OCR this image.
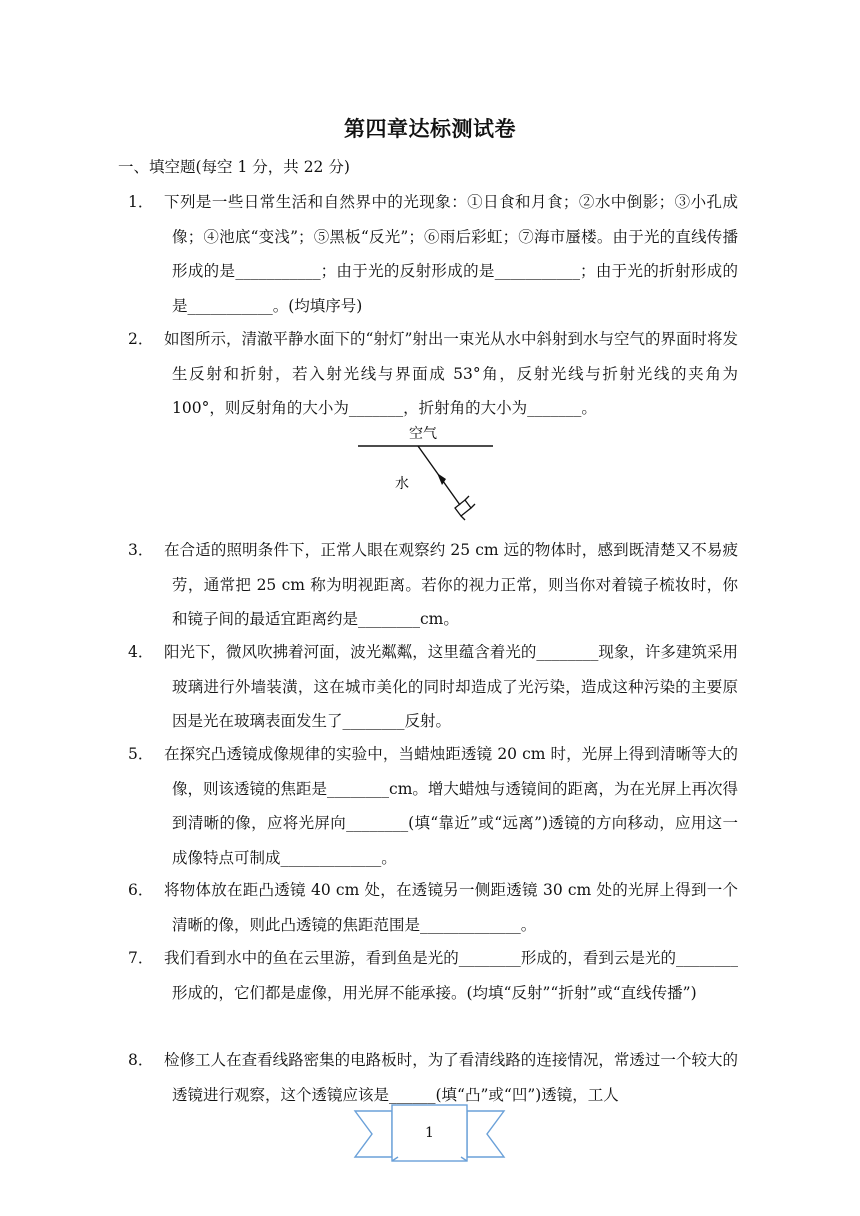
第四章达标测试卷
一、填空题(每空 1 分，共 22 分)
1． 下列是一些日常生活和自然界中的光现象：①日食和月食；②水中倒影；③小孔成像；④池底“变浅”；⑤黑板“反光”；⑥雨后彩虹；⑦海市蜃楼。由于光的直线传播形成的是___________；由于光的反射形成的是___________；由于光的折射形成的是___________。(均填序号)
2． 如图所示，清澈平静水面下的“射灯”射出一束光从水中斜射到水与空气的界面时将发生反射和折射，若入射光线与界面成 53°角，反射光线与折射光线的夹角为 100°，则反射角的大小为_______，折射角的大小为_______。
空气
水
3． 在合适的照明条件下，正常人眼在观察约 25 cm 远的物体时，感到既清楚又不易疲劳，通常把 25 cm 称为明视距离。若你的视力正常，则当你对着镜子梳妆时，你和镜子间的最适宜距离约是________cm。
4． 阳光下，微风吹拂着河面，波光粼粼，这里蕴含着光的________现象，许多建筑采用玻璃进行外墙装潢，这在城市美化的同时却造成了光污染，造成这种污染的主要原因是光在玻璃表面发生了________反射。
5． 在探究凸透镜成像规律的实验中，当蜡烛距透镜 20 cm 时，光屏上得到清晰等大的像，则该透镜的焦距是________cm。增大蜡烛与透镜间的距离，为在光屏上再次得到清晰的像，应将光屏向________(填“靠近”或“远离”)透镜的方向移动，应用这一成像特点可制成_____________。
6． 将物体放在距凸透镜 40 cm 处，在透镜另一侧距透镜 30 cm 处的光屏上得到一个清晰的像，则此凸透镜的焦距范围是_____________。
7． 我们看到水中的鱼在云里游，看到鱼是光的________形成的，看到云是光的________形成的，它们都是虚像，用光屏不能承接。(均填“反射”“折射”或“直线传播”)
8． 检修工人在查看线路密集的电路板时，为了看清线路的连接情况，常透过一个较大的透镜进行观察，这个透镜应该是______(填“凸”或“凹”)透镜，工人
1
